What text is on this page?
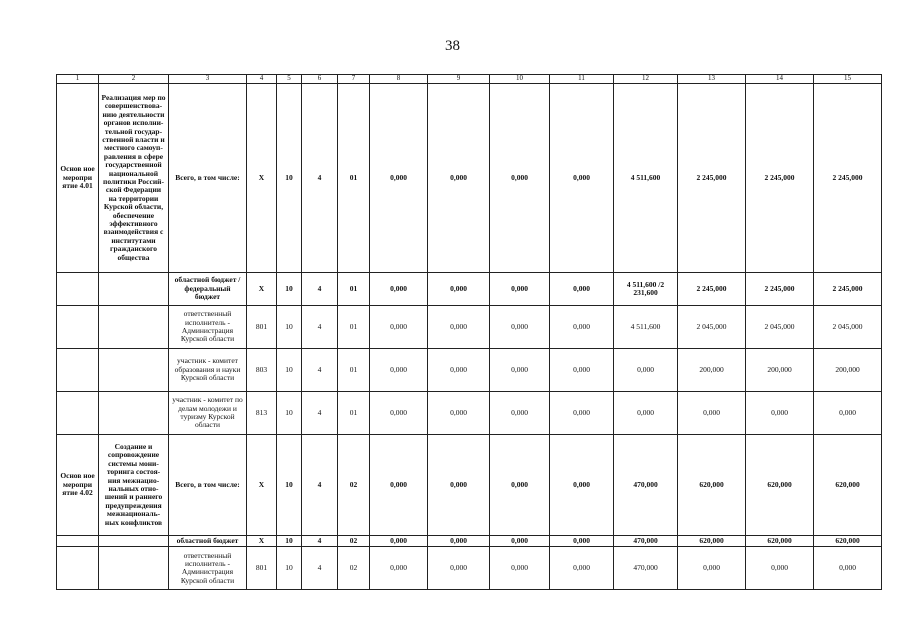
38
1	2	3	4	5	6	7	8	9	10	11	12	13	14	15
Основ ное меропри ятие 4.01	Реализация мер по совершенствова-нию деятельности органов исполни-тельной государ-ственной власти и местного самоуп-равления в сфере государственной национальной политики Россий-ской Федерации на территории Курской области, обеспечение эффективного взаимодействия с институтами гражданского общества	Всего, в том числе:	Х	10	4	01	0,000	0,000	0,000	0,000	4 511,600	2 245,000	2 245,000	2 245,000
		областной бюджет /федеральный бюджет	Х	10	4	01	0,000	0,000	0,000	0,000	4 511,600 /2 231,600	2 245,000	2 245,000	2 245,000
		ответственный исполнитель - Администрация Курской области	801	10	4	01	0,000	0,000	0,000	0,000	4 511,600	2 045,000	2 045,000	2 045,000
		участник - комитет образования и науки Курской области	803	10	4	01	0,000	0,000	0,000	0,000	0,000	200,000	200,000	200,000
		участник - комитет по делам молодежи и туризму Курской области	813	10	4	01	0,000	0,000	0,000	0,000	0,000	0,000	0,000	0,000
Основ ное меропри ятие 4.02	Создание и сопровождение системы мони-торинга состоя-ния межнацио-нальных отно-шений и раннего предупреждения межнациональ-ных конфликтов	Всего, в том числе:	Х	10	4	02	0,000	0,000	0,000	0,000	470,000	620,000	620,000	620,000
		областной бюджет	Х	10	4	02	0,000	0,000	0,000	0,000	470,000	620,000	620,000	620,000
		ответственный исполнитель - Администрация Курской области	801	10	4	02	0,000	0,000	0,000	0,000	470,000	0,000	0,000	0,000
